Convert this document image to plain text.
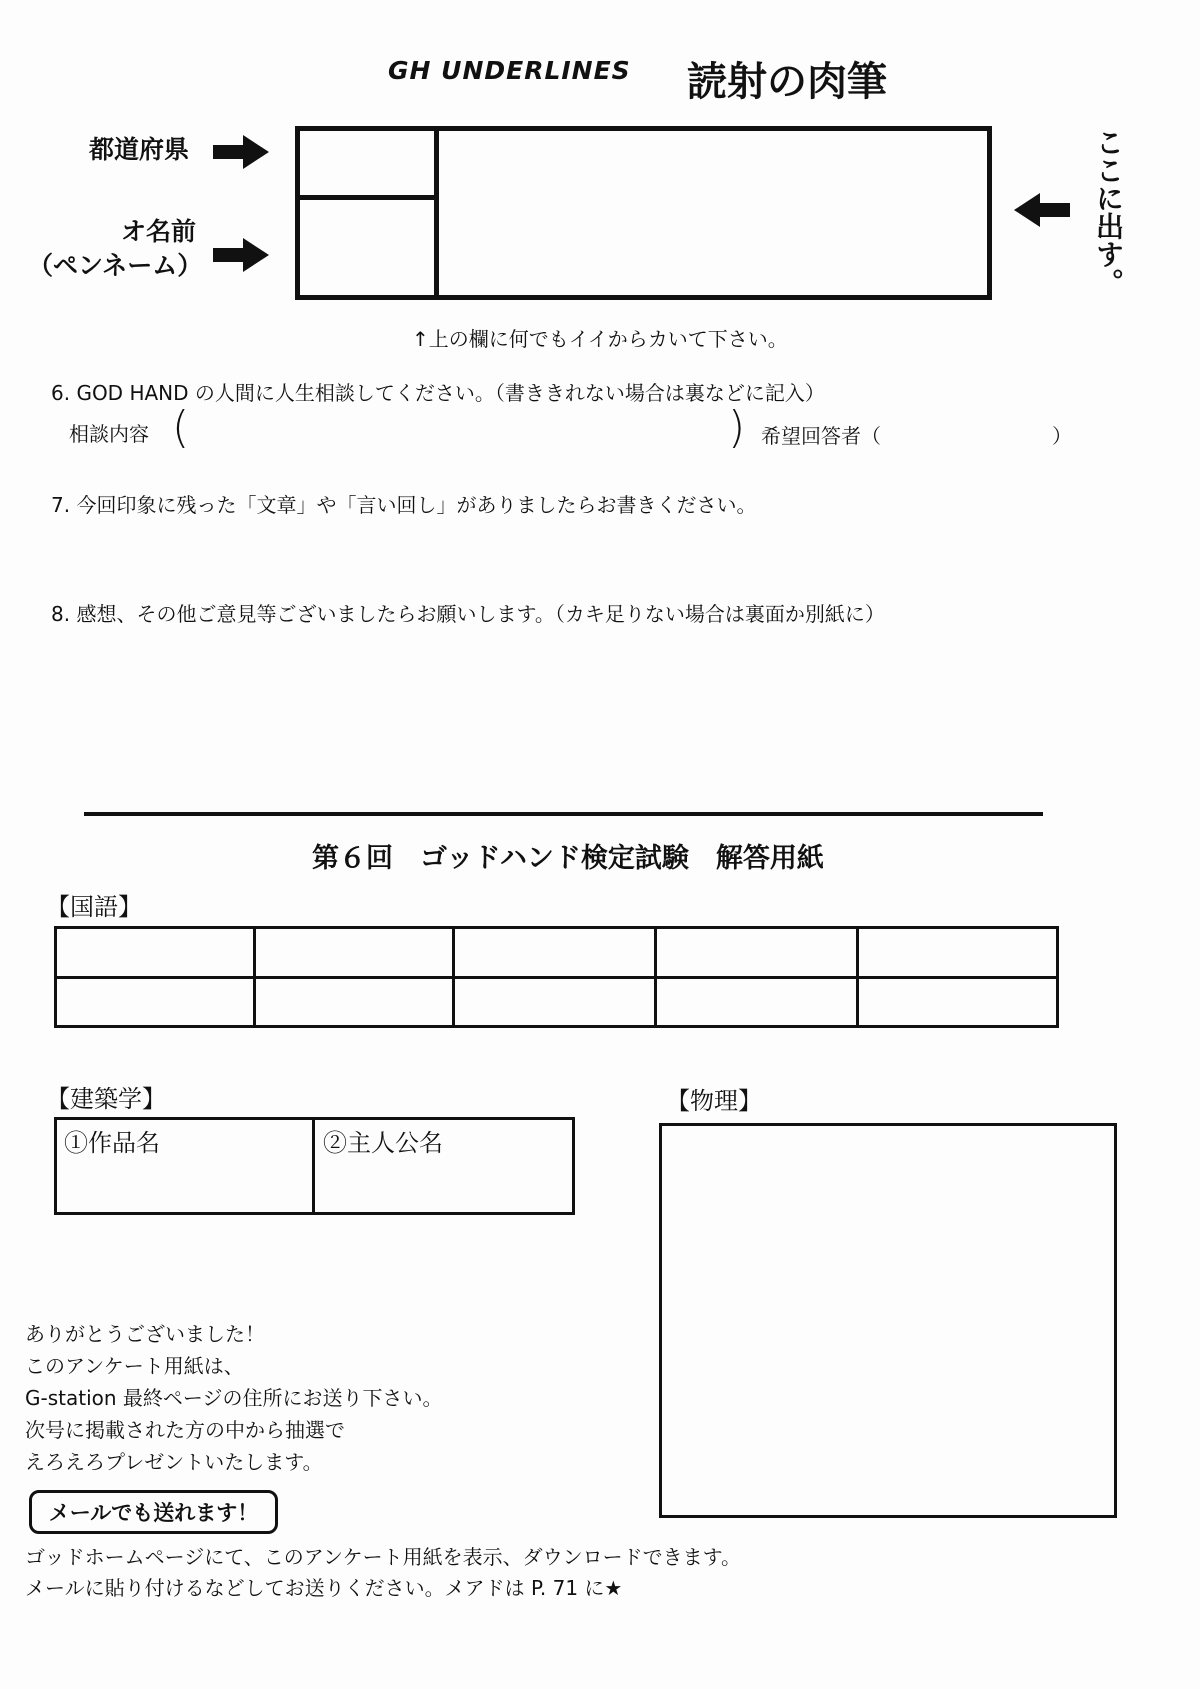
GH UNDERLINES 読射の肉筆
都道府県
オ名前
（ペンネーム）	ここに出す。
↑上の欄に何でもイイからカいて下さい。
6. GOD HAND の人間に人生相談してください。（書ききれない場合は裏などに記入）
相談内容 (	) 希望回答者（	）
7. 今回印象に残った「文章」や「言い回し」がありましたらお書きください。
8. 感想、その他ご意見等ございましたらお願いします。（カキ足りない場合は裏面か別紙に）
第６回　ゴッドハンド検定試験　解答用紙
【国語】
【建築学】
①作品名	②主人公名
【物理】
ありがとうございました！
このアンケート用紙は、
G-station 最終ページの住所にお送り下さい。
次号に掲載された方の中から抽選で
えろえろプレゼントいたします。
メールでも送れます！
ゴッドホームページにて、このアンケート用紙を表示、ダウンロードできます。
メールに貼り付けるなどしてお送りください。メアドは P. 71 に★
